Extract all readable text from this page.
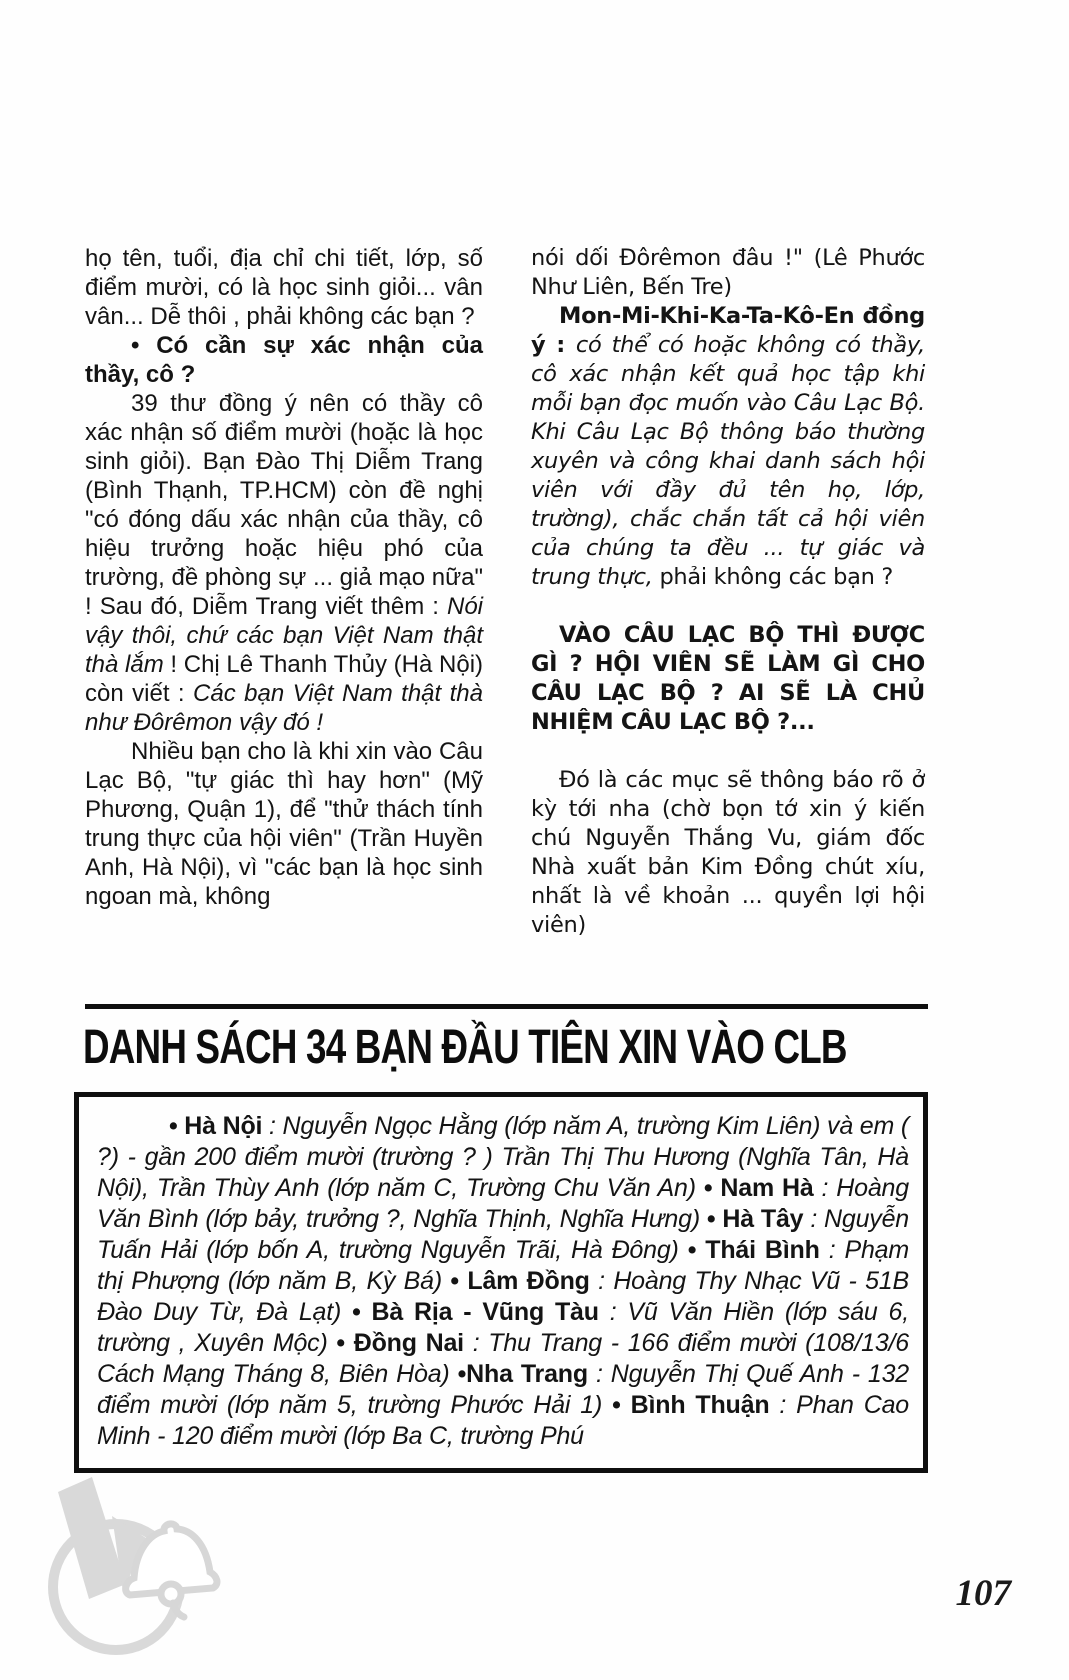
họ tên, tuổi, địa chỉ chi tiết, lớp, số điểm mười, có là học sinh giỏi... vân vân... Dễ thôi , phải không các bạn ?

• Có cần sự xác nhận của thầy, cô ?

39 thư đồng ý nên có thầy cô xác nhận số điểm mười (hoặc là học sinh giỏi). Bạn Đào Thị Diễm Trang (Bình Thạnh, TP.HCM) còn đề nghị "có đóng dấu xác nhận của thầy, cô hiệu trưởng hoặc hiệu phó của trường, đề phòng sự ... giả mạo nữa" ! Sau đó, Diễm Trang viết thêm : Nói vậy thôi, chứ các bạn Việt Nam thật thà lắm ! Chị Lê Thanh Thủy (Hà Nội) còn viết : Các bạn Việt Nam thật thà như Đôrêmon vậy đó !

Nhiều bạn cho là khi xin vào Câu Lạc Bộ, "tự giác thì hay hơn" (Mỹ Phương, Quận 1), để "thử thách tính trung thực của hội viên" (Trần Huyền Anh, Hà Nội), vì "các bạn là học sinh ngoan mà, không

nói dối Đôrêmon đâu !" (Lê Phước Như Liên, Bến Tre)

Mon-Mi-Khi-Ka-Ta-Kô-En đồng ý : có thể có hoặc không có thầy, cô xác nhận kết quả học tập khi mỗi bạn đọc muốn vào Câu Lạc Bộ. Khi Câu Lạc Bộ thông báo thường xuyên và công khai danh sách hội viên với đầy đủ tên họ, lớp, trường), chắc chắn tất cả hội viên của chúng ta đều ... tự giác và trung thực, phải không các bạn ?

VÀO CÂU LẠC BỘ THÌ ĐƯỢC GÌ ? HỘI VIÊN SẼ LÀM GÌ CHO CÂU LẠC BỘ ? AI SẼ LÀ CHỦ NHIỆM CÂU LẠC BỘ ?...

Đó là các mục sẽ thông báo rõ ở kỳ tới nha (chờ bọn tớ xin ý kiến chú Nguyễn Thắng Vu, giám đốc Nhà xuất bản Kim Đồng chút xíu, nhất là về khoản ... quyền lợi hội viên)

DANH SÁCH 34 BẠN ĐẦU TIÊN XIN VÀO CLB

• Hà Nội : Nguyễn Ngọc Hằng (lớp năm A, trường Kim Liên) và em ( ?) - gần 200 điểm mười (trường ? ) Trần Thị Thu Hương (Nghĩa Tân, Hà Nội), Trần Thùy Anh (lớp năm C, Trường Chu Văn An) • Nam Hà : Hoàng Văn Bình (lớp bảy, trưởng ?, Nghĩa Thịnh, Nghĩa Hưng) • Hà Tây : Nguyễn Tuấn Hải (lớp bốn A, trường Nguyễn Trãi, Hà Đông) • Thái Bình : Phạm thị Phượng (lớp năm B, Kỳ Bá) • Lâm Đồng : Hoàng Thy Nhạc Vũ - 51B Đào Duy Từ, Đà Lạt) • Bà Rịa - Vũng Tàu : Vũ Văn Hiền (lớp sáu 6, trường , Xuyên Mộc) • Đồng Nai : Thu Trang - 166 điểm mười (108/13/6 Cách Mạng Tháng 8, Biên Hòa) •Nha Trang : Nguyễn Thị Quế Anh - 132 điểm mười (lớp năm 5, trường Phước Hải 1) • Bình Thuận : Phan Cao Minh - 120 điểm mười (lớp Ba C, trường Phú

107
